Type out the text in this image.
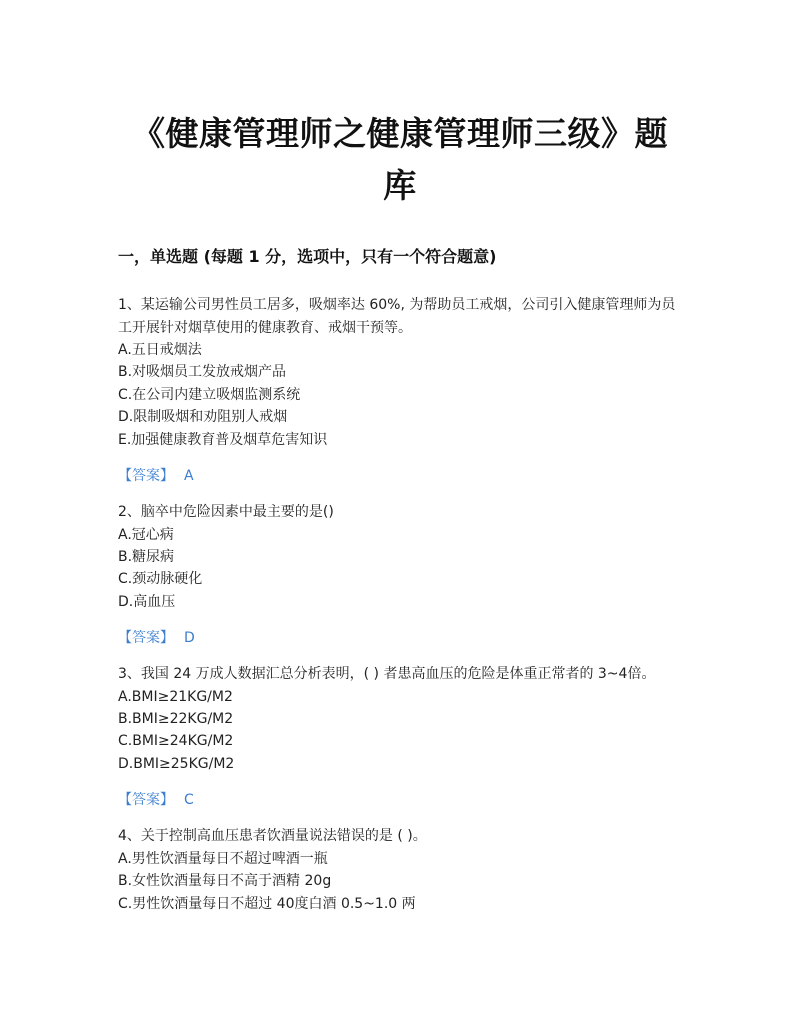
《健康管理师之健康管理师三级》题库

一，单选题 (每题 1 分，选项中，只有一个符合题意)

1、某运输公司男性员工居多，吸烟率达 60%, 为帮助员工戒烟，公司引入健康管理师为员工开展针对烟草使用的健康教育、戒烟干预等。

A.五日戒烟法

B.对吸烟员工发放戒烟产品

C.在公司内建立吸烟监测系统

D.限制吸烟和劝阻别人戒烟

E.加强健康教育普及烟草危害知识

【答案】 A

2、脑卒中危险因素中最主要的是()

A.冠心病

B.糖尿病

C.颈动脉硬化

D.高血压

【答案】 D

3、我国 24 万成人数据汇总分析表明，( ) 者患高血压的危险是体重正常者的 3~4倍。

A.BMI≥21KG/M2

B.BMI≥22KG/M2

C.BMI≥24KG/M2

D.BMI≥25KG/M2

【答案】 C

4、关于控制高血压患者饮酒量说法错误的是 ( )。

A.男性饮酒量每日不超过啤酒一瓶

B.女性饮酒量每日不高于酒精 20g

C.男性饮酒量每日不超过 40度白酒 0.5~1.0 两
